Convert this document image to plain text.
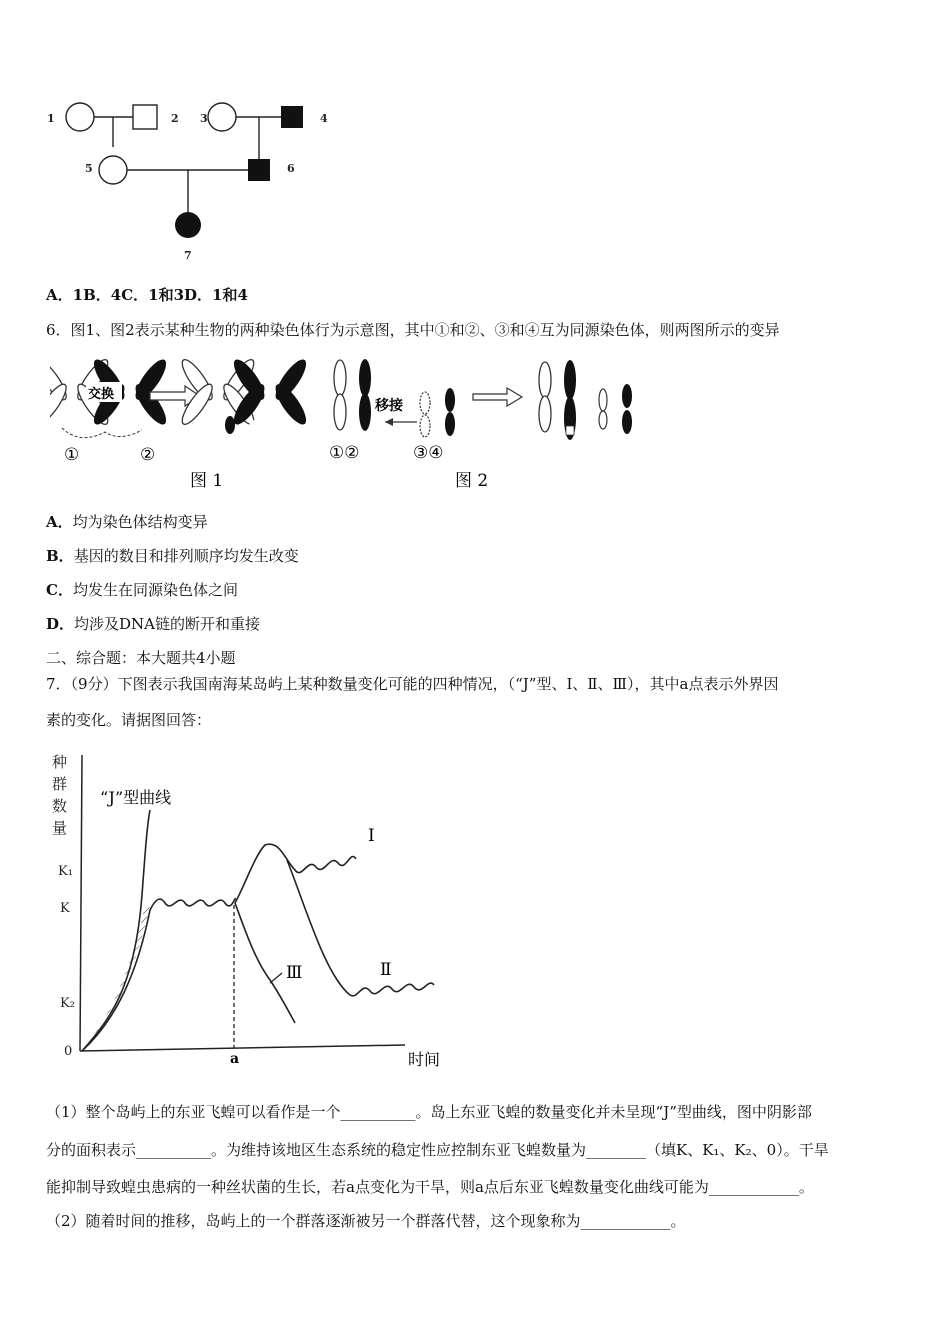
1	2 3	4
5	6
7
A．1B．4C．1和3D．1和4
6．图1、图2表示某种生物的两种染色体行为示意图，其中①和②、③和④互为同源染色体，则两图所示的变异
交换
①	②
图 1
移接
①②	③④
图 2
A．均为染色体结构变异
B．基因的数目和排列顺序均发生改变
C．均发生在同源染色体之间
D．均涉及DNA链的断开和重接
二、综合题：本大题共4小题
7．（9分）下图表示我国南海某岛屿上某种数量变化可能的四种情况，（“J”型、Ⅰ、Ⅱ、Ⅲ），其中a点表示外界因
素的变化。请据图回答：
种
群
数
量
K₁
K
K₂
0
“J”型曲线
a	时间
Ⅰ
Ⅱ
Ⅲ
（1）整个岛屿上的东亚飞蝗可以看作是一个__________。岛上东亚飞蝗的数量变化并未呈现“J”型曲线，图中阴影部
分的面积表示__________。为维持该地区生态系统的稳定性应控制东亚飞蝗数量为________（填K、K₁、K₂、0）。干旱
能抑制导致蝗虫患病的一种丝状菌的生长，若a点变化为干旱，则a点后东亚飞蝗数量变化曲线可能为____________。
（2）随着时间的推移，岛屿上的一个群落逐渐被另一个群落代替，这个现象称为____________。
